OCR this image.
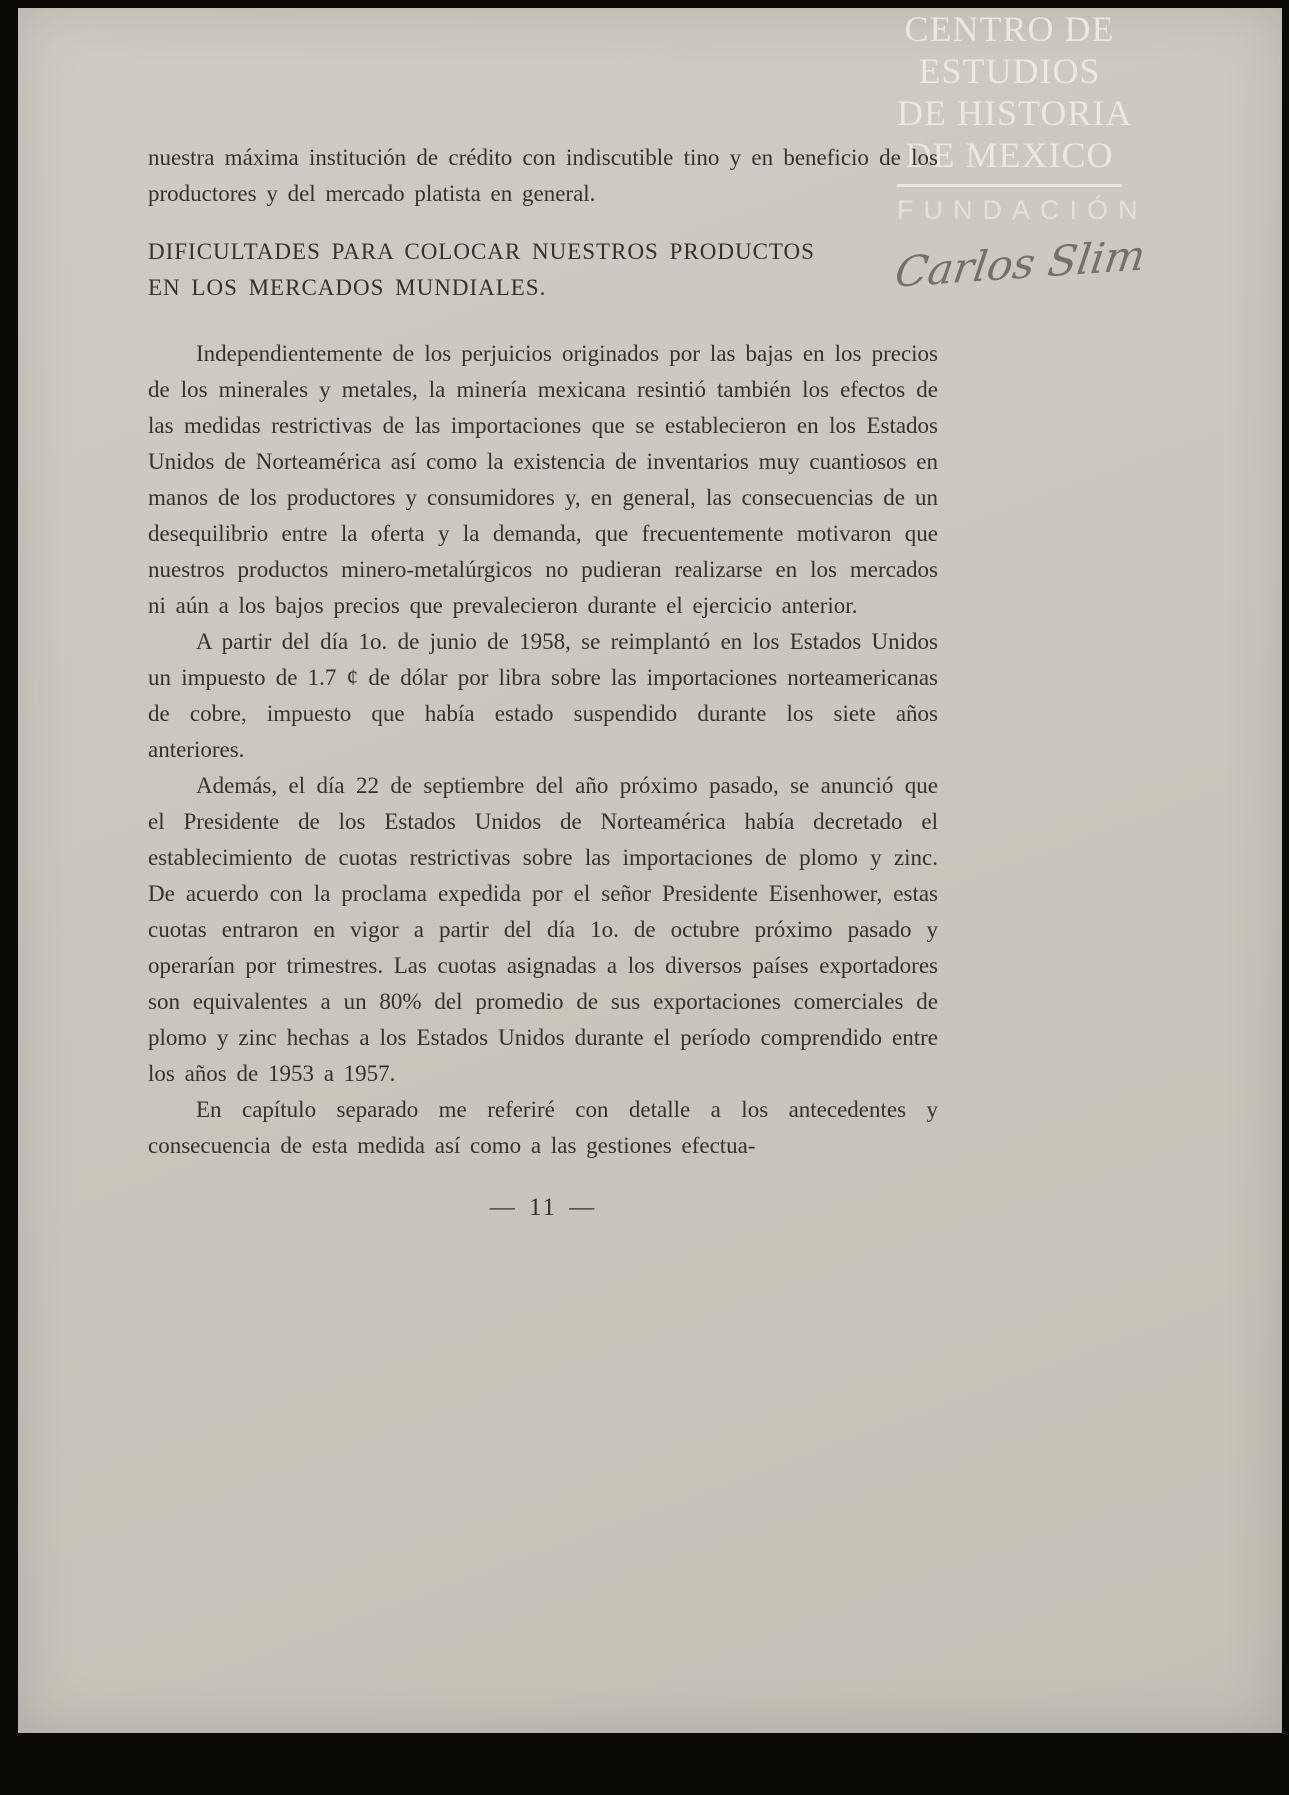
CENTRO DE
ESTUDIOS
DE HISTORIA
DE MEXICO
FUNDACIÓN
Carlos Slim

nuestra máxima institución de crédito con indiscutible tino y en beneficio de los productores y del mercado platista en general.

DIFICULTADES PARA COLOCAR NUESTROS PRODUCTOS
EN LOS MERCADOS MUNDIALES.

Independientemente de los perjuicios originados por las bajas en los precios de los minerales y metales, la minería mexicana resintió también los efectos de las medidas restrictivas de las importaciones que se establecieron en los Estados Unidos de Norteamérica así como la existencia de inventarios muy cuantiosos en manos de los productores y consumidores y, en general, las consecuencias de un desequilibrio entre la oferta y la demanda, que frecuentemente motivaron que nuestros productos minero-metalúrgicos no pudieran realizarse en los mercados ni aún a los bajos precios que prevalecieron durante el ejercicio anterior.

A partir del día 1o. de junio de 1958, se reimplantó en los Estados Unidos un impuesto de 1.7 ¢ de dólar por libra sobre las importaciones norteamericanas de cobre, impuesto que había estado suspendido durante los siete años anteriores.

Además, el día 22 de septiembre del año próximo pasado, se anunció que el Presidente de los Estados Unidos de Norteamérica había decretado el establecimiento de cuotas restrictivas sobre las importaciones de plomo y zinc. De acuerdo con la proclama expedida por el señor Presidente Eisenhower, estas cuotas entraron en vigor a partir del día 1o. de octubre próximo pasado y operarían por trimestres. Las cuotas asignadas a los diversos países exportadores son equivalentes a un 80% del promedio de sus exportaciones comerciales de plomo y zinc hechas a los Estados Unidos durante el período comprendido entre los años de 1953 a 1957.

En capítulo separado me referiré con detalle a los antecedentes y consecuencia de esta medida así como a las gestiones efectua-

— 11 —
